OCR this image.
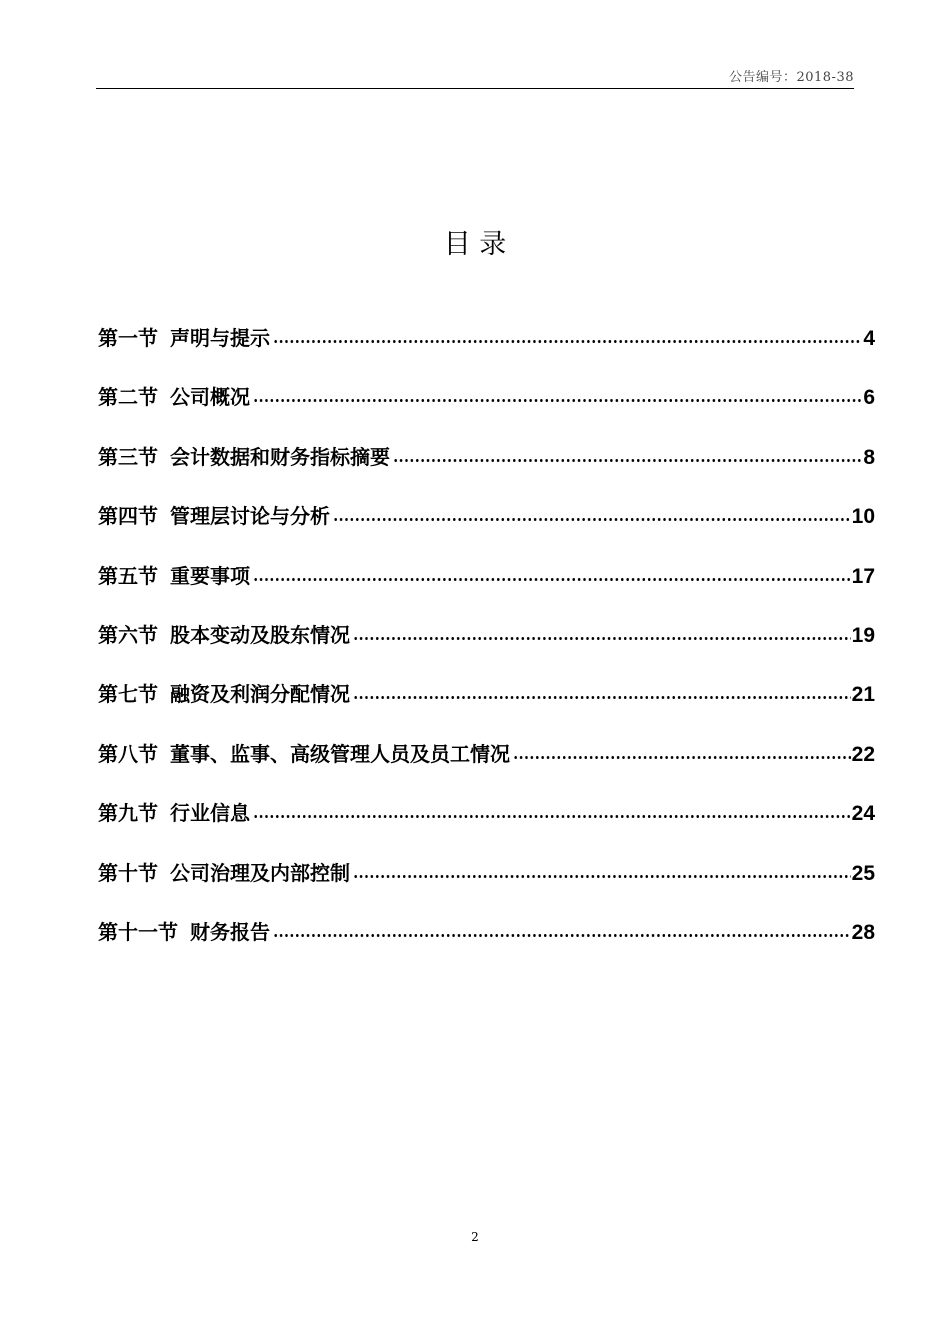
公告编号：2018-38
目 录
第一节 声明与提示	4
第二节 公司概况	6
第三节 会计数据和财务指标摘要	8
第四节 管理层讨论与分析	10
第五节 重要事项	17
第六节 股本变动及股东情况	19
第七节 融资及利润分配情况	21
第八节 董事、监事、高级管理人员及员工情况	22
第九节 行业信息	24
第十节 公司治理及内部控制	25
第十一节 财务报告	28
2
